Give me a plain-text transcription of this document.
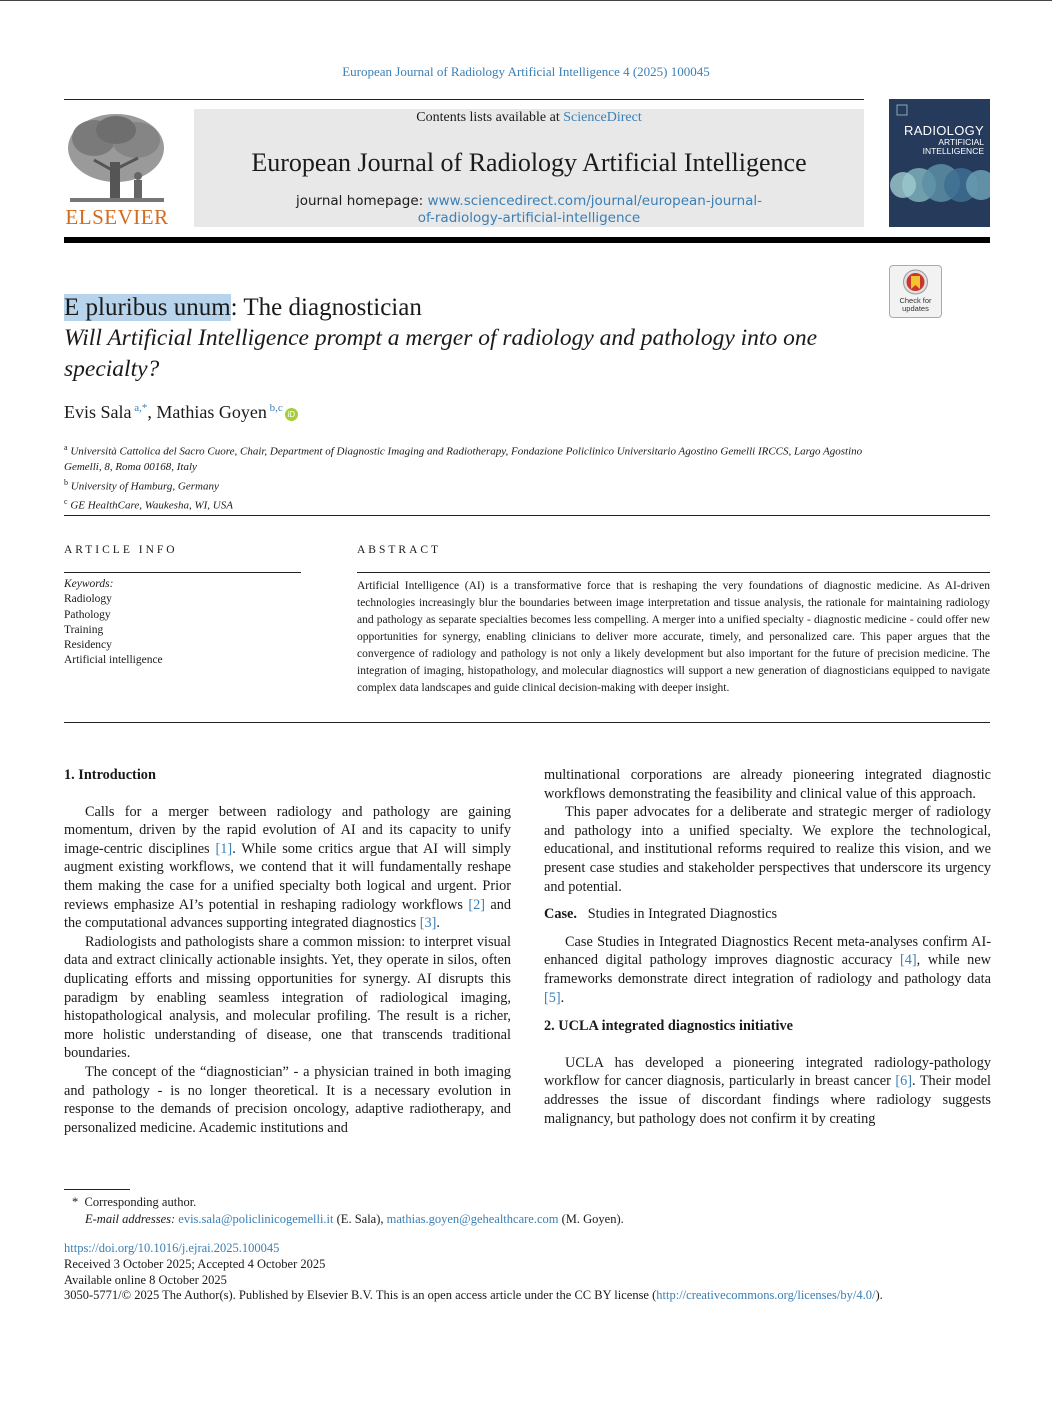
European Journal of Radiology Artificial Intelligence 4 (2025) 100045
ELSEVIER
Contents lists available at ScienceDirect
European Journal of Radiology Artificial Intelligence
journal homepage: www.sciencedirect.com/journal/european-journal-
of-radiology-artificial-intelligence
RADIOLOGY
ARTIFICIAL
INTELLIGENCE
Check for
updates
E pluribus unum: The diagnostician
Will Artificial Intelligence prompt a merger of radiology and pathology into one specialty?
Evis Sala $^{a,*}$, Mathias Goyen $^{b,c}$iD
$^a$ Università Cattolica del Sacro Cuore, Chair, Department of Diagnostic Imaging and Radiotherapy, Fondazione Policlinico Universitario Agostino Gemelli IRCCS, Largo Agostino Gemelli, 8, Roma 00168, Italy
$^b$ University of Hamburg, Germany
$^c$ GE HealthCare, Waukesha, WI, USA
ARTICLE INFO	ABSTRACT
Keywords:
Radiology
Pathology
Training
Residency
Artificial intelligence
Artificial Intelligence (AI) is a transformative force that is reshaping the very foundations of diagnostic medicine. As AI-driven technologies increasingly blur the boundaries between image interpretation and tissue analysis, the rationale for maintaining radiology and pathology as separate specialties becomes less compelling. A merger into a unified specialty - diagnostic medicine - could offer new opportunities for synergy, enabling clinicians to deliver more accurate, timely, and personalized care. This paper argues that the convergence of radiology and pathology is not only a likely development but also important for the future of precision medicine. The integration of imaging, histopathology, and molecular diagnostics will support a new generation of diagnosticians equipped to navigate complex data landscapes and guide clinical decision-making with deeper insight.
1. Introduction

Calls for a merger between radiology and pathology are gaining momentum, driven by the rapid evolution of AI and its capacity to unify image-centric disciplines [1]. While some critics argue that AI will simply augment existing workflows, we contend that it will fundamentally reshape them making the case for a unified specialty both logical and urgent. Prior reviews emphasize AI’s potential in reshaping radiology workflows [2] and the computational advances supporting integrated diagnostics [3].

Radiologists and pathologists share a common mission: to interpret visual data and extract clinically actionable insights. Yet, they operate in silos, often duplicating efforts and missing opportunities for synergy. AI disrupts this paradigm by enabling seamless integration of radiological imaging, histopathological analysis, and molecular profiling. The result is a richer, more holistic understanding of disease, one that transcends traditional boundaries.

The concept of the “diagnostician” - a physician trained in both imaging and pathology - is no longer theoretical. It is a necessary evolution in response to the demands of precision oncology, adaptive radiotherapy, and personalized medicine. Academic institutions and

multinational corporations are already pioneering integrated diagnostic workflows demonstrating the feasibility and clinical value of this approach.

This paper advocates for a deliberate and strategic merger of radiology and pathology into a unified specialty. We explore the technological, educational, and institutional reforms required to realize this vision, and we present case studies and stakeholder perspectives that underscore its urgency and potential.

Case. Studies in Integrated Diagnostics

Case Studies in Integrated Diagnostics Recent meta-analyses confirm AI-enhanced digital pathology improves diagnostic accuracy [4], while new frameworks demonstrate direct integration of radiology and pathology data [5].

2. UCLA integrated diagnostics initiative

UCLA has developed a pioneering integrated radiology-pathology workflow for cancer diagnosis, particularly in breast cancer [6]. Their model addresses the issue of discordant findings where radiology suggests malignancy, but pathology does not confirm it by creating

*  Corresponding author.
E-mail addresses: evis.sala@policlinicogemelli.it (E. Sala), mathias.goyen@gehealthcare.com (M. Goyen).
https://doi.org/10.1016/j.ejrai.2025.100045
Received 3 October 2025; Accepted 4 October 2025
Available online 8 October 2025
3050-5771/© 2025 The Author(s). Published by Elsevier B.V. This is an open access article under the CC BY license (http://creativecommons.org/licenses/by/4.0/).
